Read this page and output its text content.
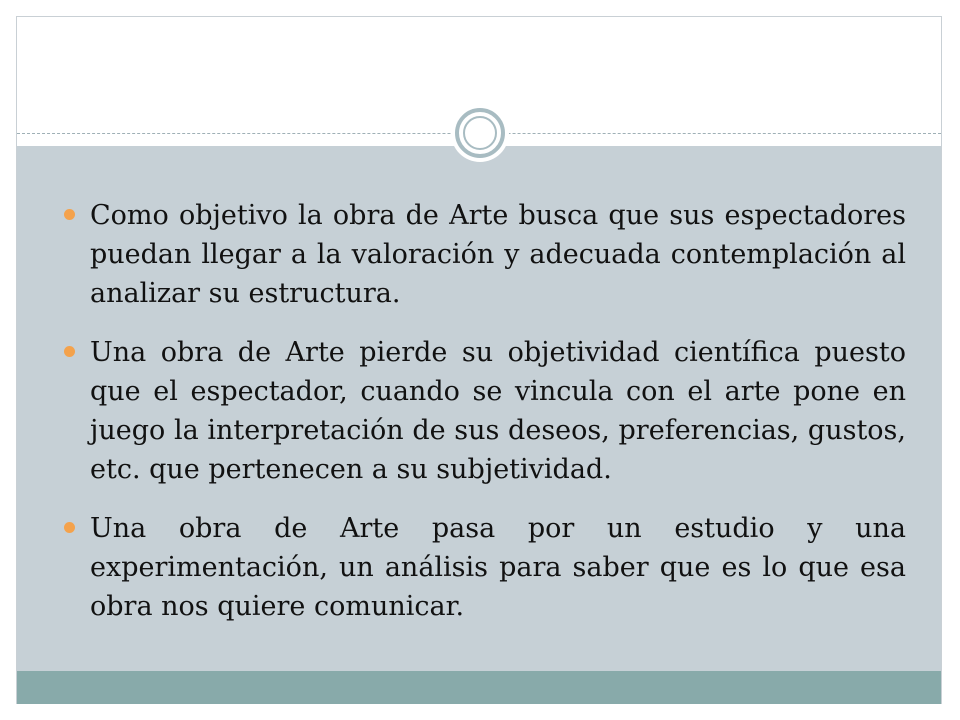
Como objetivo la obra de Arte busca que sus espectadores puedan llegar a la valoración y adecuada contemplación al analizar su estructura.
Una obra de Arte pierde su objetividad científica puesto que el espectador, cuando se vincula con el arte pone en juego la interpretación de sus deseos, preferencias, gustos, etc. que pertenecen a su subjetividad.
Una obra de Arte pasa por un estudio y una experimentación, un análisis para saber que es lo que esa obra nos quiere comunicar.
